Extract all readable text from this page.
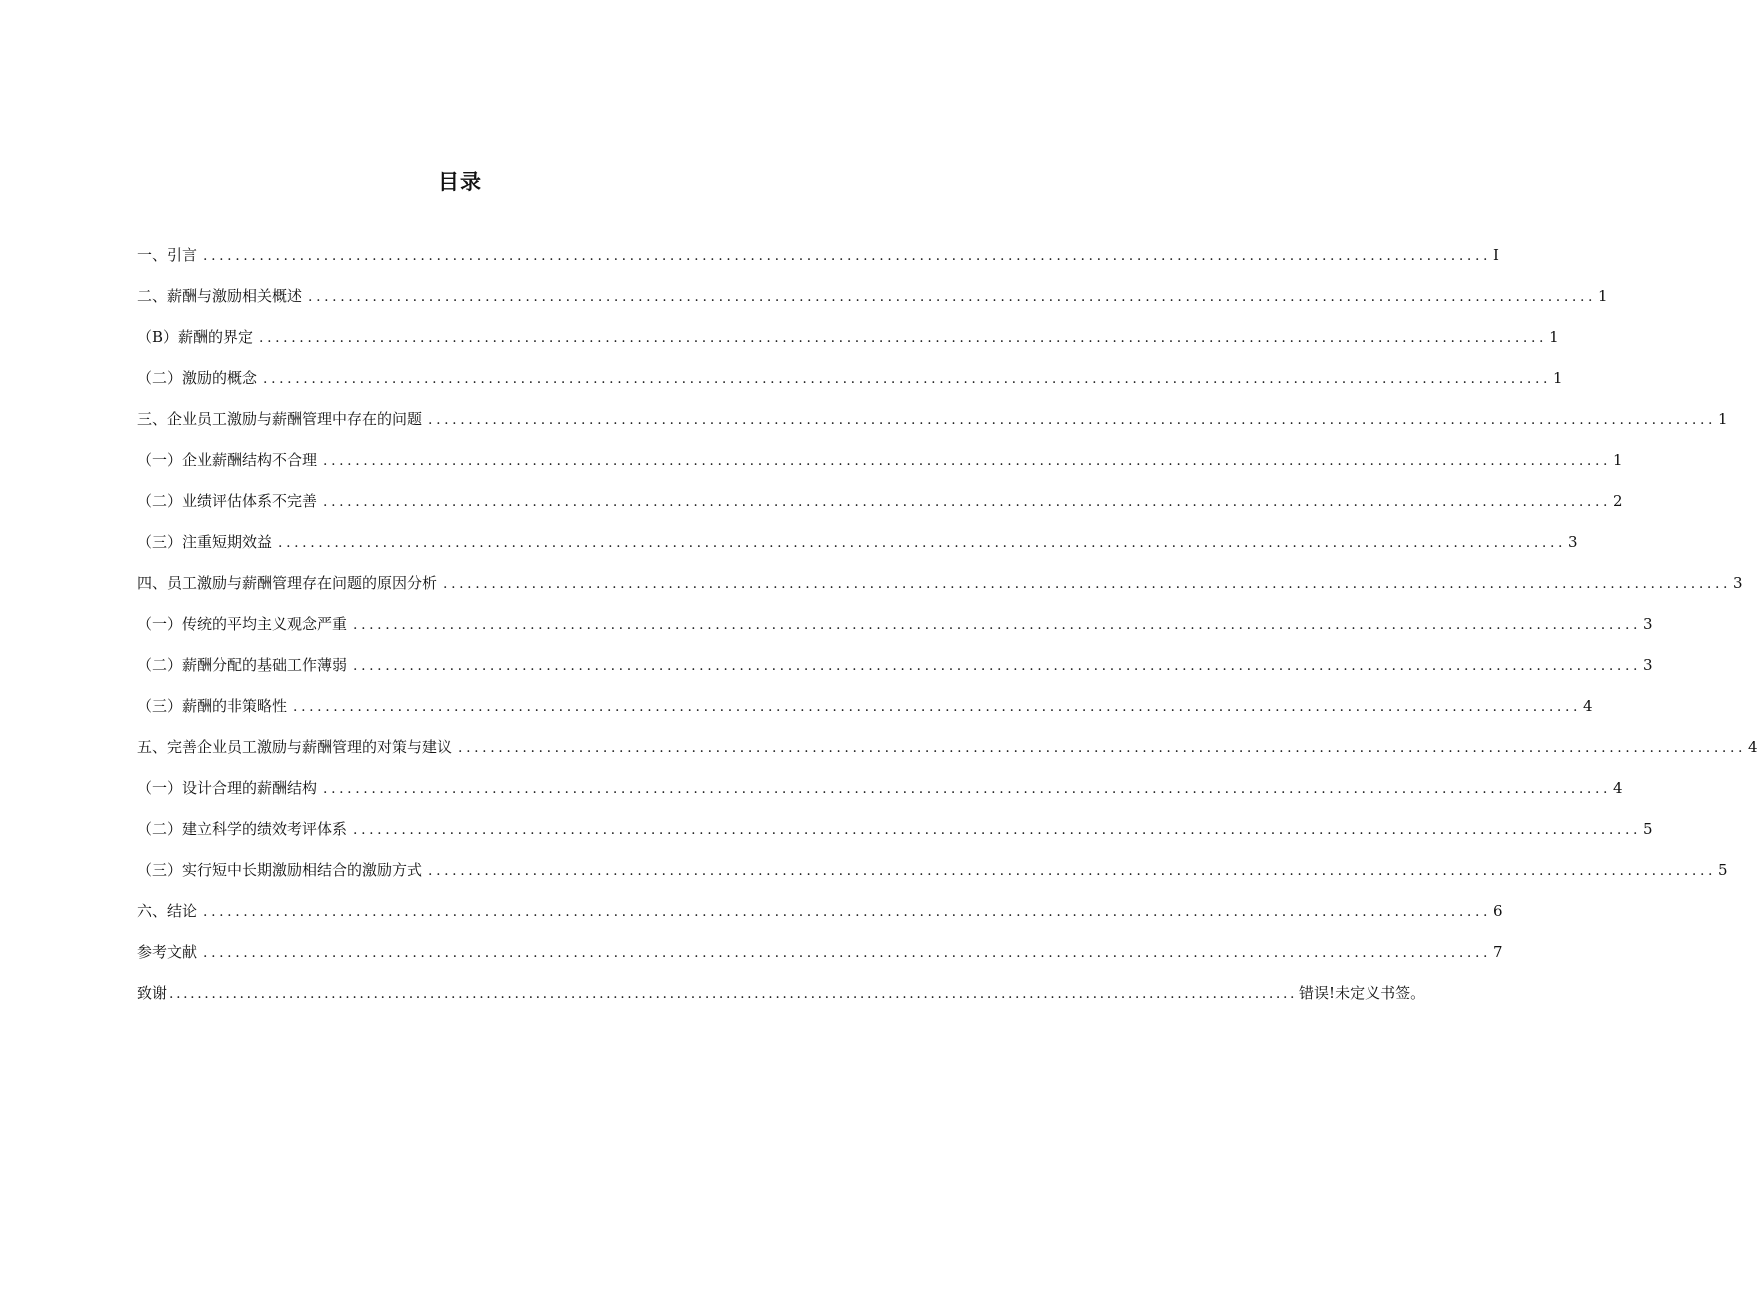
目录
一、引言 ................................................................................................................................................................ I
二、薪酬与激励相关概述 ................................................................................................................................................................ 1
（B）薪酬的界定 ................................................................................................................................................................ 1
（二）激励的概念 ................................................................................................................................................................ 1
三、企业员工激励与薪酬管理中存在的问题 ................................................................................................................................................................ 1
（一）企业薪酬结构不合理 ................................................................................................................................................................ 1
（二）业绩评估体系不完善 ................................................................................................................................................................ 2
（三）注重短期效益 ................................................................................................................................................................ 3
四、员工激励与薪酬管理存在问题的原因分析 ................................................................................................................................................................ 3
（一）传统的平均主义观念严重 ................................................................................................................................................................ 3
（二）薪酬分配的基础工作薄弱 ................................................................................................................................................................ 3
（三）薪酬的非策略性 ................................................................................................................................................................ 4
五、完善企业员工激励与薪酬管理的对策与建议 ................................................................................................................................................................ 4
（一）设计合理的薪酬结构 ................................................................................................................................................................ 4
（二）建立科学的绩效考评体系 ................................................................................................................................................................ 5
（三）实行短中长期激励相结合的激励方式 ................................................................................................................................................................ 5
六、结论 ................................................................................................................................................................ 6
参考文献 ................................................................................................................................................................ 7
致谢 ................................................................................................................................................................ 错误!未定义书签。
